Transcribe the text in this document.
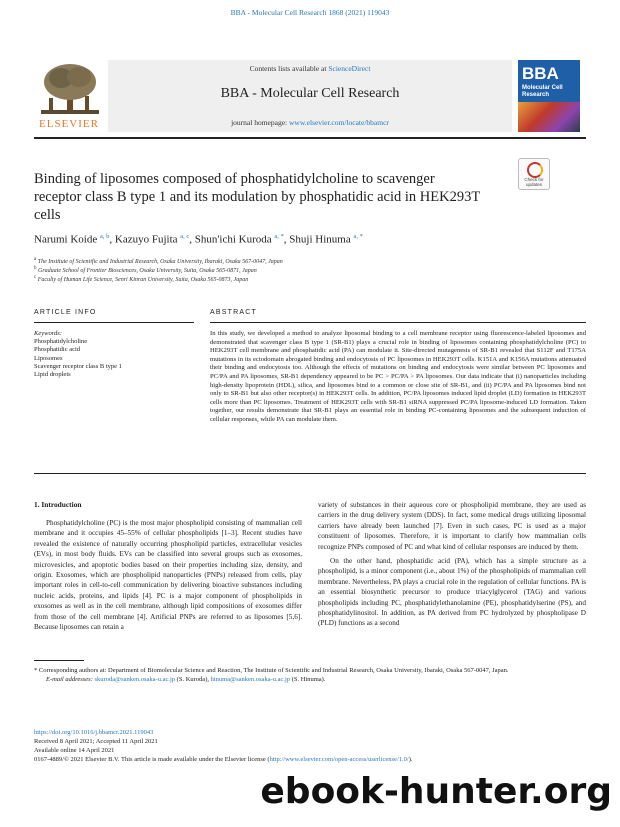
BBA - Molecular Cell Research 1868 (2021) 119043
ELSEVIER
Contents lists available at ScienceDirect
BBA - Molecular Cell Research
journal homepage: www.elsevier.com/locate/bbamcr
BBA
Molecular Cell Research
Binding of liposomes composed of phosphatidylcholine to scavenger receptor class B type 1 and its modulation by phosphatidic acid in HEK293T cells
Check for updates
Narumi Koide $^{a, b}$, Kazuyo Fujita $^{a, c}$, Shun'ichi Kuroda $^{a, *}$, Shuji Hinuma $^{a, *}$
$^a$ The Institute of Scientific and Industrial Research, Osaka University, Ibaraki, Osaka 567-0047, Japan
$^b$ Graduate School of Frontier Biosciences, Osaka University, Suita, Osaka 565-0871, Japan
$^c$ Faculty of Human Life Science, Senri Kinran University, Suita, Osaka 565-0873, Japan
ARTICLE INFO	ABSTRACT
Keywords:
Phosphatidylcholine
Phosphatidic acid
Liposomes
Scavenger receptor class B type 1
Lipid droplets
In this study, we developed a method to analyze liposomal binding to a cell membrane receptor using fluorescence-labeled liposomes and demonstrated that scavenger class B type 1 (SR-B1) plays a crucial role in binding of liposomes containing phosphatidylcholine (PC) to HEK293T cell membrane and phosphatidic acid (PA) can modulate it. Site-directed mutagenesis of SR-B1 revealed that S112F and T175A mutations in its ectodomain abrogated binding and endocytosis of PC liposomes in HEK293T cells. K151A and K156A mutations attenuated their binding and endocytosis too. Although the effects of mutations on binding and endocytosis were similar between PC liposomes and PC/PA and PA liposomes, SR-B1 dependency appeared to be PC > PC/PA > PA liposomes. Our data indicate that (i) nanoparticles including high-density lipoprotein (HDL), silica, and liposomes bind to a common or close site of SR-B1, and (ii) PC/PA and PA liposomes bind not only to SR-B1 but also other receptor(s) in HEK293T cells. In addition, PC/PA liposomes induced lipid droplet (LD) formation in HEK293T cells more than PC liposomes. Treatment of HEK293T cells with SR-B1 siRNA suppressed PC/PA liposome-induced LD formation. Taken together, our results demonstrate that SR-B1 plays an essential role in binding PC-containing liposomes and the subsequent induction of cellular responses, while PA can modulate them.
1. Introduction
Phosphatidylcholine (PC) is the most major phospholipid consisting of mammalian cell membrane and it occupies 45–55% of cellular phospholipids [1–3]. Recent studies have revealed the existence of naturally occurring phospholipid particles, extracellular vesicles (EVs), in most body fluids. EVs can be classified into several groups such as exosomes, microvesicles, and apoptotic bodies based on their properties including size, density, and origin. Exosomes, which are phospholipid nanoparticles (PNPs) released from cells, play important roles in cell-to-cell communication by delivering bioactive substances including nucleic acids, proteins, and lipids [4]. PC is a major component of phospholipids in exosomes as well as in the cell membrane, although lipid compositions of exosomes differ from those of the cell membrane [4]. Artificial PNPs are referred to as liposomes [5,6]. Because liposomes can retain a
variety of substances in their aqueous core or phospholipid membrane, they are used as carriers in the drug delivery system (DDS). In fact, some medical drugs utilizing liposomal carriers have already been launched [7]. Even in such cases, PC is used as a major constituent of liposomes. Therefore, it is important to clarify how mammalian cells recognize PNPs composed of PC and what kind of cellular responses are induced by them.
On the other hand, phosphatidic acid (PA), which has a simple structure as a phospholipid, is a minor component (i.e., about 1%) of the phospholipids of mammalian cell membrane. Nevertheless, PA plays a crucial role in the regulation of cellular functions. PA is an essential biosynthetic precursor to produce triacylglycerol (TAG) and various phospholipids including PC, phosphatidylethanolamine (PE), phosphatidylserine (PS), and phosphatidylinositol. In addition, as PA derived from PC hydrolyzed by phospholipase D (PLD) functions as a second
* Corresponding authors at: Department of Biomolecular Science and Reaction, The Institute of Scientific and Industrial Research, Osaka University, Ibaraki, Osaka 567-0047, Japan.
E-mail addresses: skuroda@sanken.osaka-u.ac.jp (S. Kuroda), hinuma@sanken.osaka-u.ac.jp (S. Hinuma).
https://doi.org/10.1016/j.bbamcr.2021.119043
Received 8 April 2021; Accepted 11 April 2021
Available online 14 April 2021
0167-4889/© 2021 Elsevier B.V. This article is made available under the Elsevier license (http://www.elsevier.com/open-access/userlicense/1.0/).
ebook-hunter.org
